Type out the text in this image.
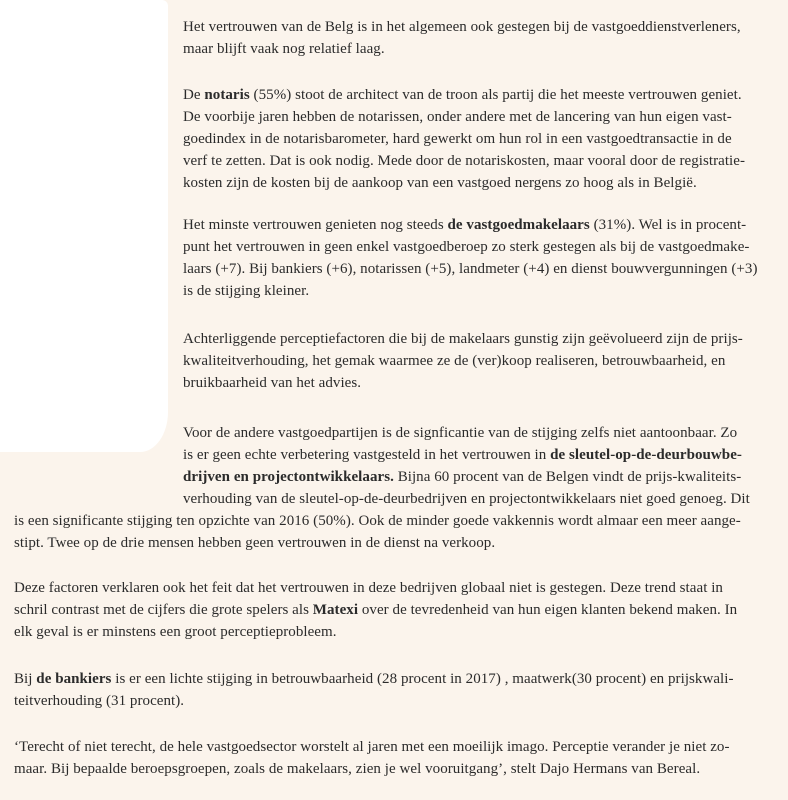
Het vertrouwen van de Belg is in het algemeen ook gestegen bij de vastgoeddienstverleners,
maar blijft vaak nog relatief laag.

De notaris (55%) stoot de architect van de troon als partij die het meeste vertrouwen geniet.
De voorbije jaren hebben de notarissen, onder andere met de lancering van hun eigen vast-
goedindex in de notarisbarometer, hard gewerkt om hun rol in een vastgoedtransactie in de
verf te zetten. Dat is ook nodig. Mede door de notariskosten, maar vooral door de registratie-
kosten zijn de kosten bij de aankoop van een vastgoed nergens zo hoog als in België.

Het minste vertrouwen genieten nog steeds de vastgoedmakelaars (31%). Wel is in procent-
punt het vertrouwen in geen enkel vastgoedberoep zo sterk gestegen als bij de vastgoedmake-
laars (+7). Bij bankiers (+6), notarissen (+5), landmeter (+4) en dienst bouwvergunningen (+3)
is de stijging kleiner.

Achterliggende perceptiefactoren die bij de makelaars gunstig zijn geëvolueerd zijn de prijs-
kwaliteitverhouding, het gemak waarmee ze de (ver)koop realiseren, betrouwbaarheid, en
bruikbaarheid van het advies.

Voor de andere vastgoedpartijen is de signficantie van de stijging zelfs niet aantoonbaar. Zo
is er geen echte verbetering vastgesteld in het vertrouwen in de sleutel-op-de-deurbouwbe-
drijven en projectontwikkelaars. Bijna 60 procent van de Belgen vindt de prijs-kwaliteits-
verhouding van de sleutel-op-de-deurbedrijven en projectontwikkelaars niet goed genoeg. Dit

is een significante stijging ten opzichte van 2016 (50%). Ook de minder goede vakkennis wordt almaar een meer aange-
stipt. Twee op de drie mensen hebben geen vertrouwen in de dienst na verkoop.

Deze factoren verklaren ook het feit dat het vertrouwen in deze bedrijven globaal niet is gestegen. Deze trend staat in
schril contrast met de cijfers die grote spelers als Matexi over de tevredenheid van hun eigen klanten bekend maken. In
elk geval is er minstens een groot perceptieprobleem.

Bij de bankiers is er een lichte stijging in betrouwbaarheid (28 procent in 2017) , maatwerk(30 procent) en prijskwali-
teitverhouding (31 procent).

‘Terecht of niet terecht, de hele vastgoedsector worstelt al jaren met een moeilijk imago. Perceptie verander je niet zo-
maar. Bij bepaalde beroepsgroepen, zoals de makelaars, zien je wel vooruitgang’, stelt Dajo Hermans van Bereal.
